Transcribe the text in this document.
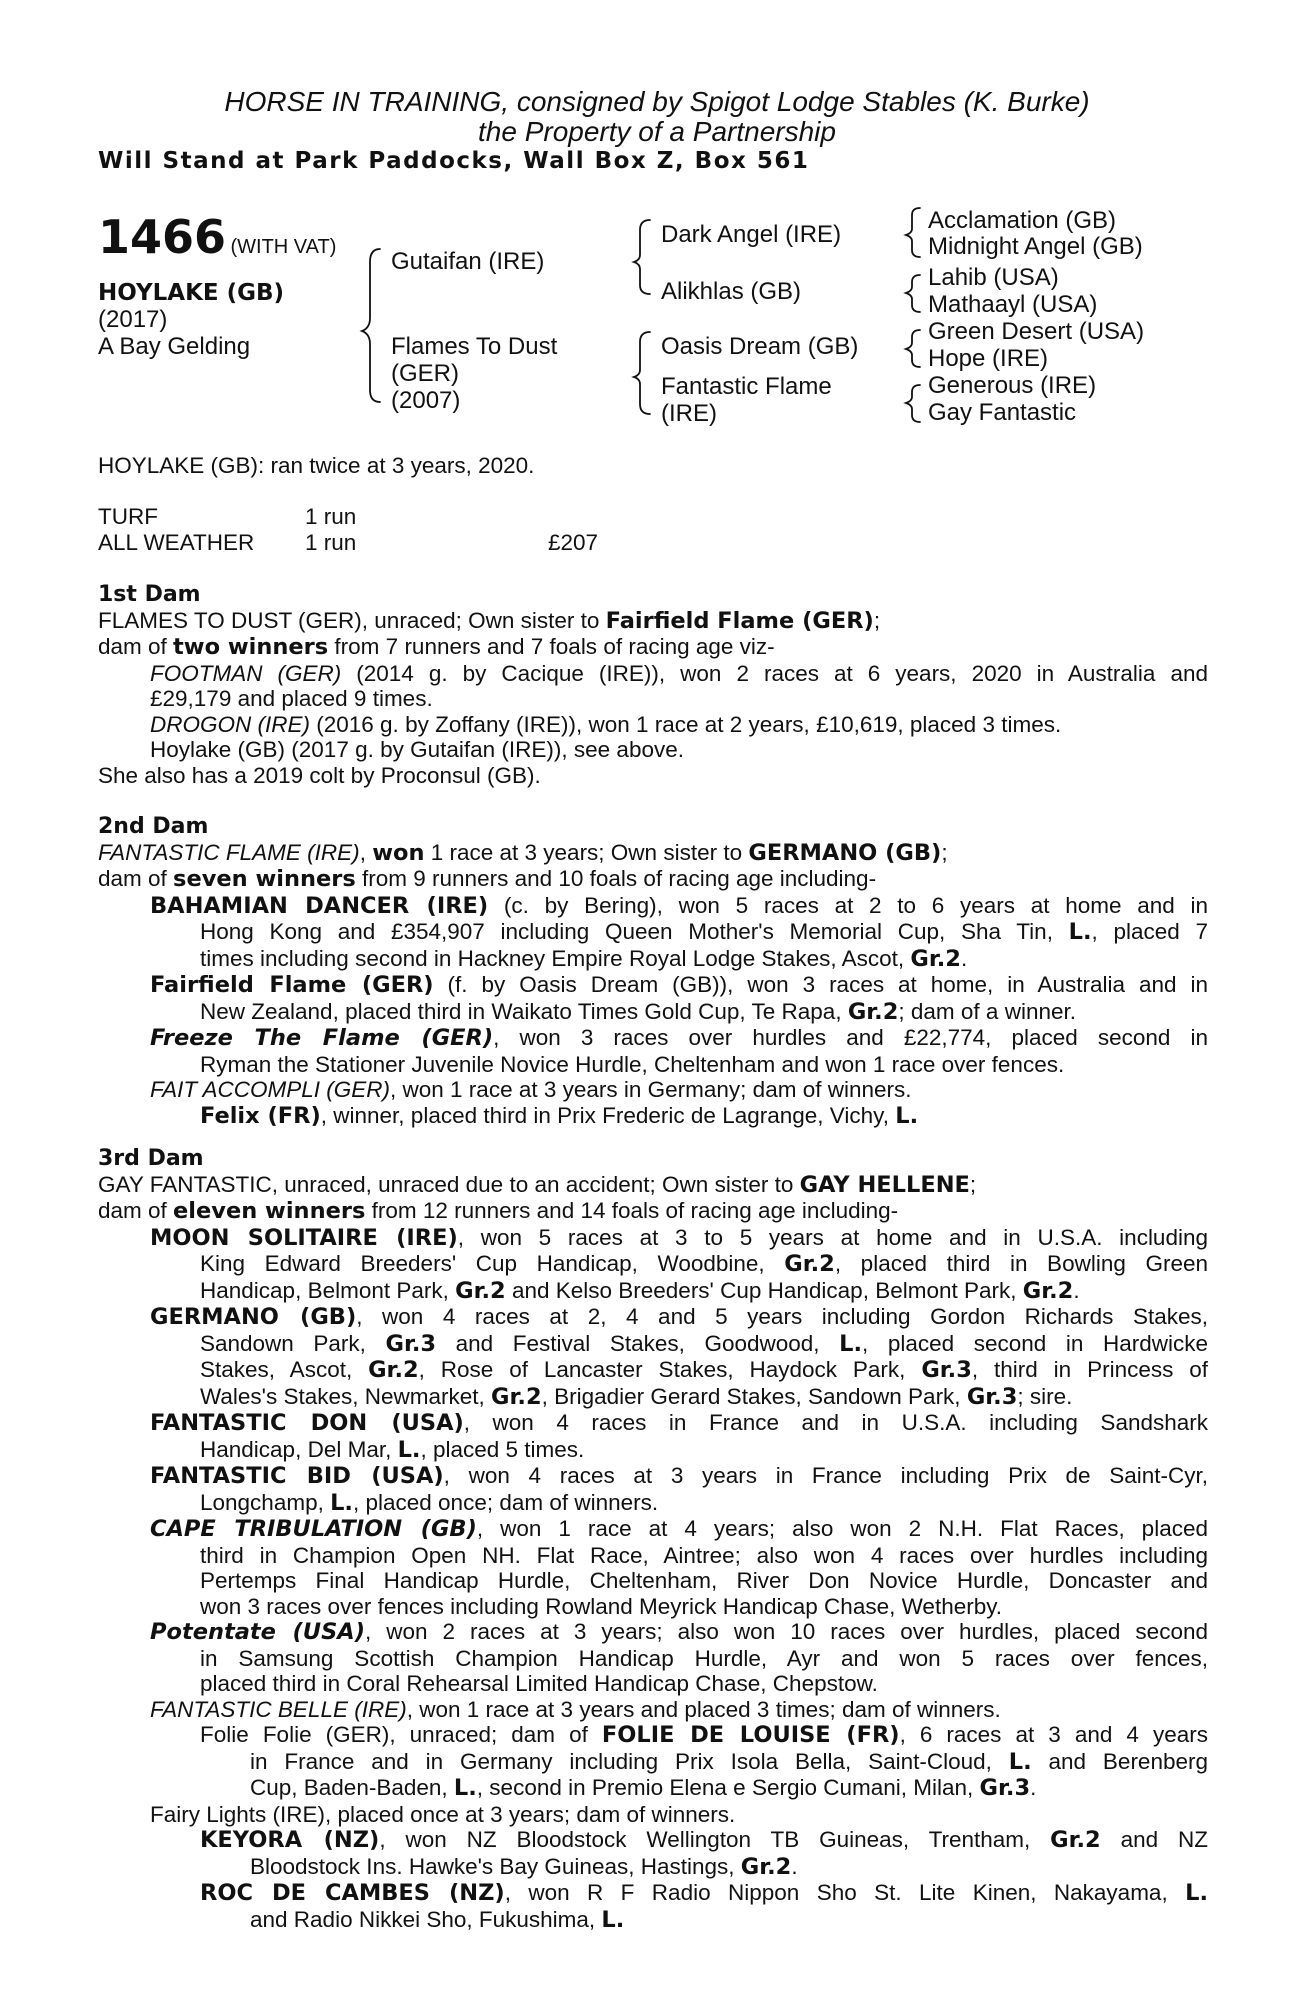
HORSE IN TRAINING, consigned by Spigot Lodge Stables (K. Burke)
the Property of a Partnership
Will Stand at Park Paddocks, Wall Box Z, Box 561
1466 (WITH VAT)
HOYLAKE (GB)
(2017)
A Bay Gelding
Gutaifan (IRE)
Flames To Dust
(GER)
(2007)
Dark Angel (IRE)
Alikhlas (GB)
Oasis Dream (GB)
Fantastic Flame
(IRE)
Acclamation (GB)
Midnight Angel (GB)
Lahib (USA)
Mathaayl (USA)
Green Desert (USA)
Hope (IRE)
Generous (IRE)
Gay Fantastic
HOYLAKE (GB): ran twice at 3 years, 2020.
TURF	1 run
ALL WEATHER 1 run	£207
1st Dam
FLAMES TO DUST (GER), unraced; Own sister to Fairfield Flame (GER);
dam of two winners from 7 runners and 7 foals of racing age viz-
FOOTMAN (GER) (2014 g. by Cacique (IRE)), won 2 races at 6 years, 2020 in Australia and
£29,179 and placed 9 times.
DROGON (IRE) (2016 g. by Zoffany (IRE)), won 1 race at 2 years, £10,619, placed 3 times.
Hoylake (GB) (2017 g. by Gutaifan (IRE)), see above.
She also has a 2019 colt by Proconsul (GB).
2nd Dam
FANTASTIC FLAME (IRE), won 1 race at 3 years; Own sister to GERMANO (GB);
dam of seven winners from 9 runners and 10 foals of racing age including-
BAHAMIAN DANCER (IRE) (c. by Bering), won 5 races at 2 to 6 years at home and in
Hong Kong and £354,907 including Queen Mother's Memorial Cup, Sha Tin, L., placed 7
times including second in Hackney Empire Royal Lodge Stakes, Ascot, Gr.2.
Fairfield Flame (GER) (f. by Oasis Dream (GB)), won 3 races at home, in Australia and in
New Zealand, placed third in Waikato Times Gold Cup, Te Rapa, Gr.2; dam of a winner.
Freeze The Flame (GER), won 3 races over hurdles and £22,774, placed second in
Ryman the Stationer Juvenile Novice Hurdle, Cheltenham and won 1 race over fences.
FAIT ACCOMPLI (GER), won 1 race at 3 years in Germany; dam of winners.
Felix (FR), winner, placed third in Prix Frederic de Lagrange, Vichy, L.
3rd Dam
GAY FANTASTIC, unraced, unraced due to an accident; Own sister to GAY HELLENE;
dam of eleven winners from 12 runners and 14 foals of racing age including-
MOON SOLITAIRE (IRE), won 5 races at 3 to 5 years at home and in U.S.A. including
King Edward Breeders' Cup Handicap, Woodbine, Gr.2, placed third in Bowling Green
Handicap, Belmont Park, Gr.2 and Kelso Breeders' Cup Handicap, Belmont Park, Gr.2.
GERMANO (GB), won 4 races at 2, 4 and 5 years including Gordon Richards Stakes,
Sandown Park, Gr.3 and Festival Stakes, Goodwood, L., placed second in Hardwicke
Stakes, Ascot, Gr.2, Rose of Lancaster Stakes, Haydock Park, Gr.3, third in Princess of
Wales's Stakes, Newmarket, Gr.2, Brigadier Gerard Stakes, Sandown Park, Gr.3; sire.
FANTASTIC DON (USA), won 4 races in France and in U.S.A. including Sandshark
Handicap, Del Mar, L., placed 5 times.
FANTASTIC BID (USA), won 4 races at 3 years in France including Prix de Saint-Cyr,
Longchamp, L., placed once; dam of winners.
CAPE TRIBULATION (GB), won 1 race at 4 years; also won 2 N.H. Flat Races, placed
third in Champion Open NH. Flat Race, Aintree; also won 4 races over hurdles including
Pertemps Final Handicap Hurdle, Cheltenham, River Don Novice Hurdle, Doncaster and
won 3 races over fences including Rowland Meyrick Handicap Chase, Wetherby.
Potentate (USA), won 2 races at 3 years; also won 10 races over hurdles, placed second
in Samsung Scottish Champion Handicap Hurdle, Ayr and won 5 races over fences,
placed third in Coral Rehearsal Limited Handicap Chase, Chepstow.
FANTASTIC BELLE (IRE), won 1 race at 3 years and placed 3 times; dam of winners.
Folie Folie (GER), unraced; dam of FOLIE DE LOUISE (FR), 6 races at 3 and 4 years
in France and in Germany including Prix Isola Bella, Saint-Cloud, L. and Berenberg
Cup, Baden-Baden, L., second in Premio Elena e Sergio Cumani, Milan, Gr.3.
Fairy Lights (IRE), placed once at 3 years; dam of winners.
KEYORA (NZ), won NZ Bloodstock Wellington TB Guineas, Trentham, Gr.2 and NZ
Bloodstock Ins. Hawke's Bay Guineas, Hastings, Gr.2.
ROC DE CAMBES (NZ), won R F Radio Nippon Sho St. Lite Kinen, Nakayama, L.
and Radio Nikkei Sho, Fukushima, L.
